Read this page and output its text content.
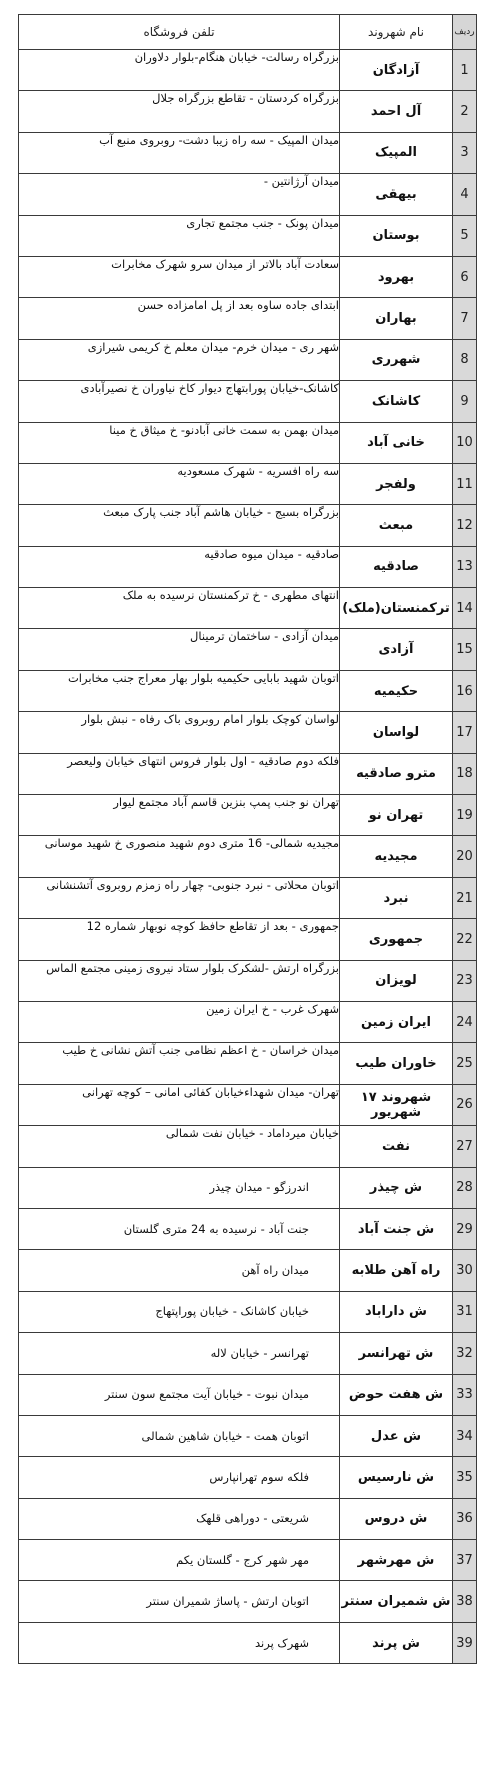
ردیف	نام شهروند	تلفن فروشگاه
1	آزادگان	بزرگراه رسالت- خیابان هنگام-بلوار دلاوران
2	آل احمد	بزرگراه کردستان - تقاطع بزرگراه جلال
3	المپیک	میدان المپیک - سه راه زیبا دشت- روبروی منبع آب
4	بیهقی	میدان آرژانتین -
5	بوستان	میدان پونک - جنب مجتمع تجاری
6	بهرود	سعادت آباد بالاتر از میدان سرو شهرک مخابرات
7	بهاران	ابتدای جاده ساوه بعد از پل امامزاده حسن
8	شهرری	شهر ری - میدان خرم- میدان معلم خ کریمی شیرازی
9	کاشانک	کاشانک-خیابان پورابتهاج دیوار کاخ نیاوران خ نصیرآبادی
10	خانی آباد	میدان بهمن به سمت خانی آبادنو- خ میثاق خ مینا
11	ولفجر	سه راه افسریه - شهرک مسعودیه
12	مبعث	بزرگراه بسیج - خیابان هاشم آباد جنب پارک مبعث
13	صادقیه	صادقیه - میدان میوه صادقیه
14	ترکمنستان(ملک)	انتهای مطهری - خ ترکمنستان نرسیده به ملک
15	آزادی	میدان آزادی - ساختمان ترمینال
16	حکیمیه	اتوبان شهید بابایی حکیمیه بلوار بهار معراج جنب مخابرات
17	لواسان	لواسان کوچک بلوار امام روبروی باک رفاه - نبش بلوار
18	مترو صادقیه	فلکه دوم صادقیه - اول بلوار فروس انتهای خیابان ولیعصر
19	تهران نو	تهران نو جنب پمپ بنزین قاسم آباد مجتمع لیوار
20	مجیدیه	مجیدیه شمالی- 16 متری دوم شهید منصوری خ شهید موسانی
21	نبرد	اتوبان محلاتی - نبرد جنوبی- چهار راه زمزم روبروی آتشنشانی
22	جمهوری	جمهوری - بعد از تقاطع حافظ کوچه نوبهار شماره 12
23	لویزان	بزرگراه ارتش -لشکرک بلوار ستاد نیروی زمینی مجتمع الماس
24	ایران زمین	شهرک غرب - خ ایران زمین
25	خاوران طیب	میدان خراسان - خ اعظم نظامی جنب آتش نشانی خ طیب
26	شهروند ۱۷ شهریور	تهران- میدان شهداءخیابان کفائی امانی – کوچه تهرانی
27	نفت	خیابان میرداماد - خیابان نفت شمالی
28	ش چیذر	اندرزگو - میدان چیذر
29	ش جنت آباد	جنت آباد - نرسیده به 24 متری گلستان
30	راه آهن طلابه	میدان راه آهن
31	ش داراباد	خیابان کاشانک - خیابان پوراپتهاج
32	ش تهرانسر	تهرانسر - خیابان لاله
33	ش هفت حوض	میدان نبوت - خیابان آیت مجتمع سون سنتر
34	ش عدل	اتوبان همت - خیابان شاهین شمالی
35	ش نارسیس	فلکه سوم تهرانپارس
36	ش دروس	شریعتی - دوراهی قلهک
37	ش مهرشهر	مهر شهر کرج - گلستان یکم
38	ش شمیران سنتر	اتوبان ارتش - پاساژ شمیران سنتر
39	ش پرند	شهرک پرند
